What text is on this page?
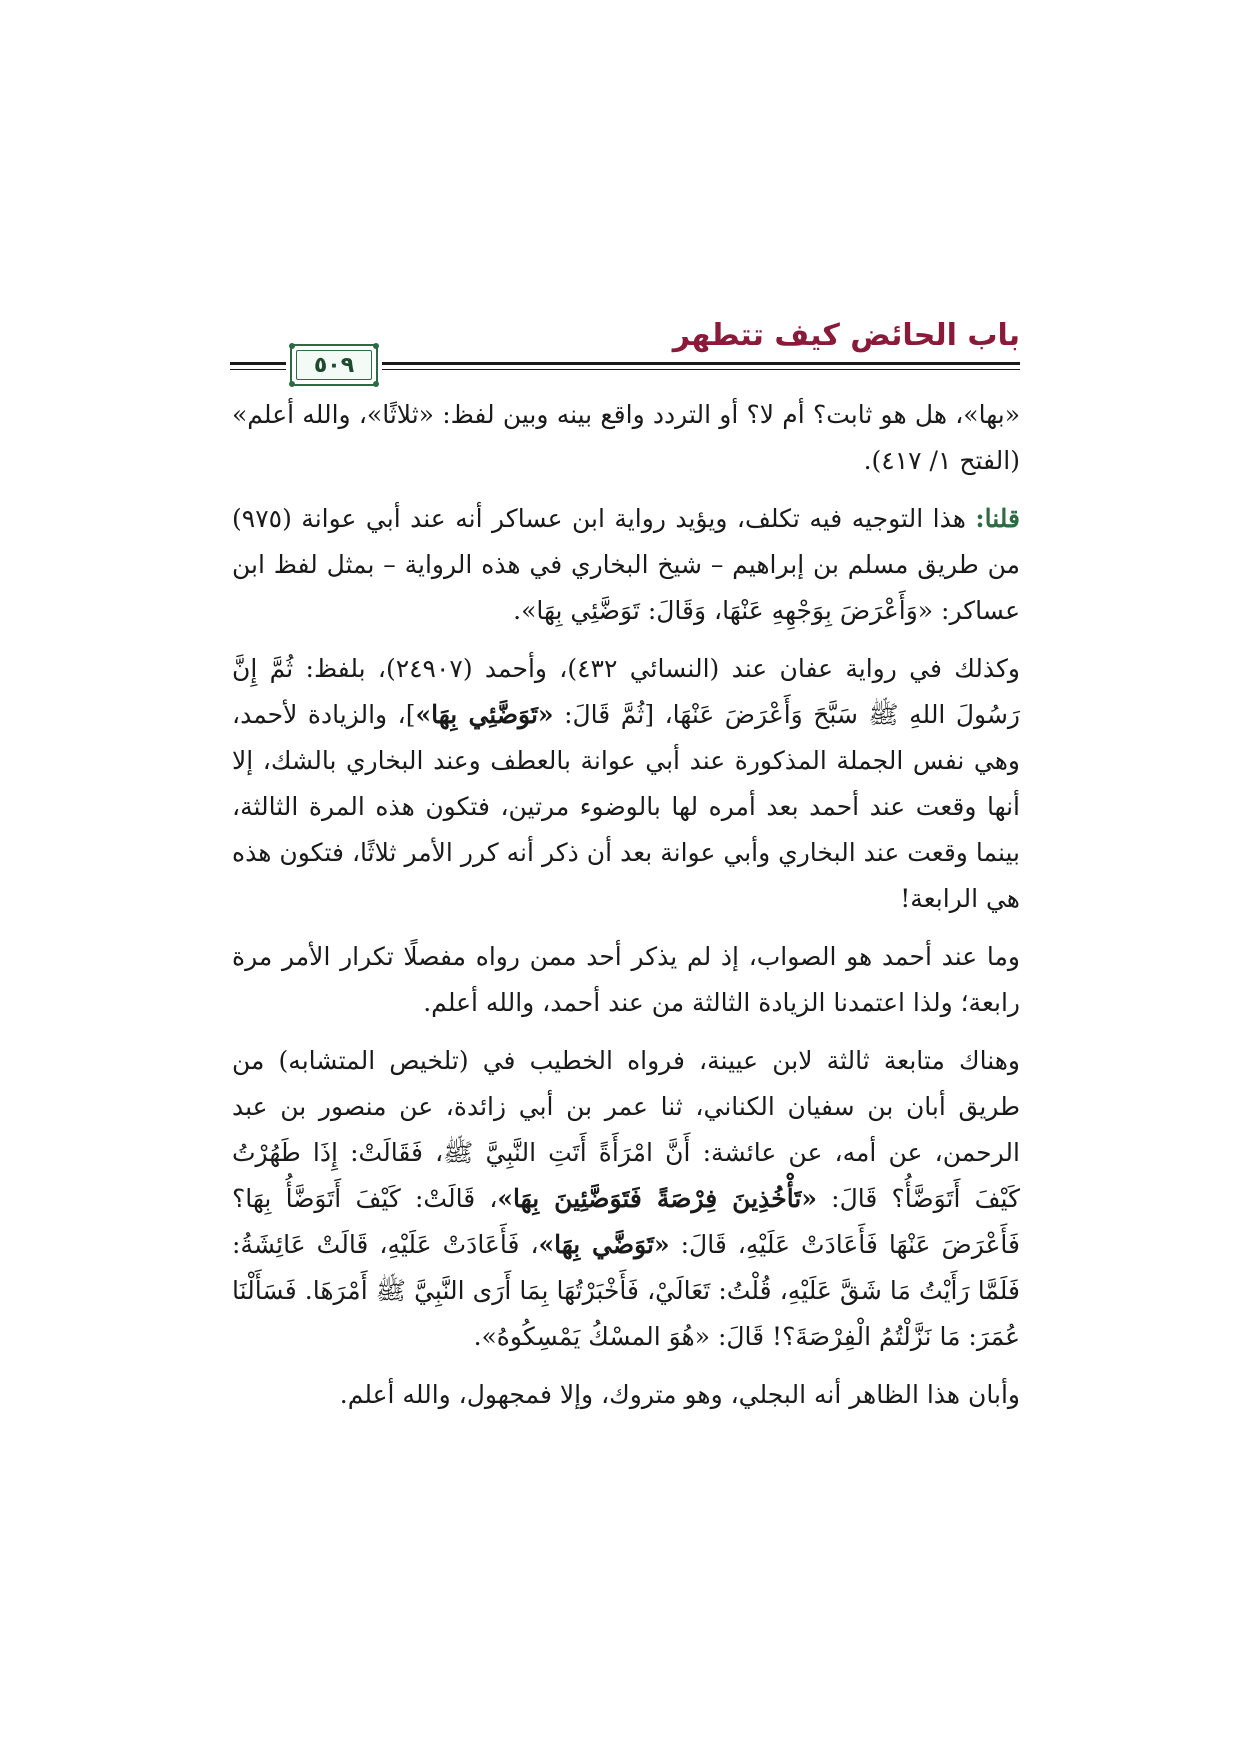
باب الحائض كيف تتطهر
٥٠٩

«بها»، هل هو ثابت؟ أم لا؟ أو التردد واقع بينه وبين لفظ: «ثلاثًا»، والله أعلم» (الفتح ١/ ٤١٧).

قلنا: هذا التوجيه فيه تكلف، ويؤيد رواية ابن عساكر أنه عند أبي عوانة (٩٧٥) من طريق مسلم بن إبراهيم – شيخ البخاري في هذه الرواية – بمثل لفظ ابن عساكر: «وَأَعْرَضَ بِوَجْهِهِ عَنْهَا، وَقَالَ: تَوَضَّئِي بِهَا».

وكذلك في رواية عفان عند (النسائي ٤٣٢)، وأحمد (٢٤٩٠٧)، بلفظ: ثُمَّ إِنَّ رَسُولَ اللهِ ﷺ سَبَّحَ وَأَعْرَضَ عَنْهَا، [ثُمَّ قَالَ: «تَوَضَّئِي بِهَا»]، والزيادة لأحمد، وهي نفس الجملة المذكورة عند أبي عوانة بالعطف وعند البخاري بالشك، إلا أنها وقعت عند أحمد بعد أمره لها بالوضوء مرتين، فتكون هذه المرة الثالثة، بينما وقعت عند البخاري وأبي عوانة بعد أن ذكر أنه كرر الأمر ثلاثًا، فتكون هذه هي الرابعة!

وما عند أحمد هو الصواب، إذ لم يذكر أحد ممن رواه مفصلًا تكرار الأمر مرة رابعة؛ ولذا اعتمدنا الزيادة الثالثة من عند أحمد، والله أعلم.

وهناك متابعة ثالثة لابن عيينة، فرواه الخطيب في (تلخيص المتشابه) من طريق أبان بن سفيان الكناني، ثنا عمر بن أبي زائدة، عن منصور بن عبد الرحمن، عن أمه، عن عائشة: أَنَّ امْرَأَةً أَتَتِ النَّبِيَّ ﷺ، فَقَالَتْ: إِذَا طَهُرْتُ كَيْفَ أَتَوَضَّأُ؟ قَالَ: «تَأْخُذِينَ فِرْصَةً فَتَوَضَّئِينَ بِهَا»، قَالَتْ: كَيْفَ أَتَوَضَّأُ بِهَا؟ فَأَعْرَضَ عَنْهَا فَأَعَادَتْ عَلَيْهِ، قَالَ: «تَوَضَّي بِهَا»، فَأَعَادَتْ عَلَيْهِ، قَالَتْ عَائِشَةُ: فَلَمَّا رَأَيْتُ مَا شَقَّ عَلَيْهِ، قُلْتُ: تَعَالَيْ، فَأَخْبَرْتُهَا بِمَا أَرَى النَّبِيَّ ﷺ أَمْرَهَا. فَسَأَلْنَا عُمَرَ: مَا نَزَّلْتُمُ الْفِرْصَةَ؟! قَالَ: «هُوَ المسْكُ يَمْسِكُوهُ».

وأبان هذا الظاهر أنه البجلي، وهو متروك، وإلا فمجهول، والله أعلم.
